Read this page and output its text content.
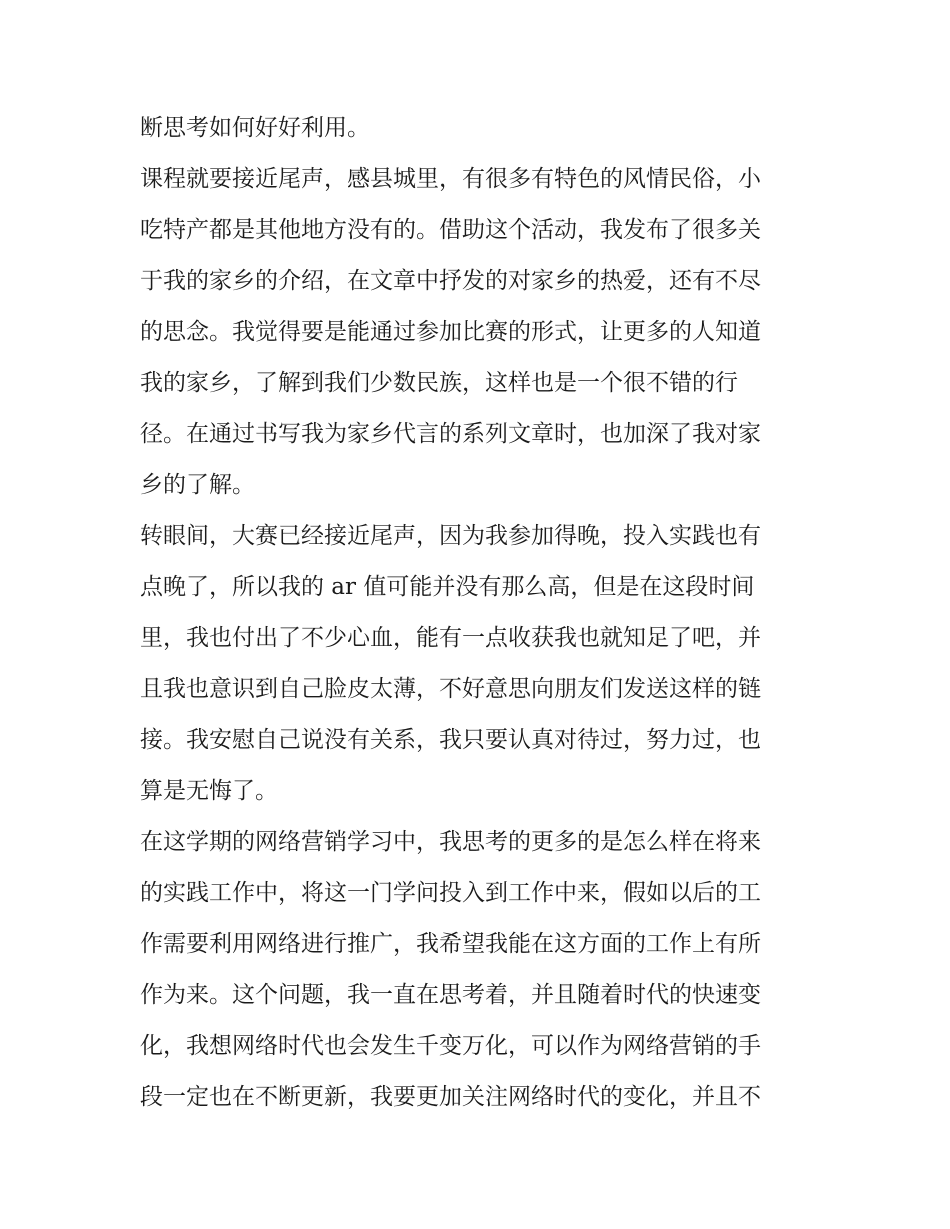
断思考如何好好利用。
课程就要接近尾声，感县城里，有很多有特色的风情民俗，小
吃特产都是其他地方没有的。借助这个活动，我发布了很多关
于我的家乡的介绍，在文章中抒发的对家乡的热爱，还有不尽
的思念。我觉得要是能通过参加比赛的形式，让更多的人知道
我的家乡，了解到我们少数民族，这样也是一个很不错的行
径。在通过书写我为家乡代言的系列文章时，也加深了我对家
乡的了解。
转眼间，大赛已经接近尾声，因为我参加得晚，投入实践也有
点晚了，所以我的 ar 值可能并没有那么高，但是在这段时间
里，我也付出了不少心血，能有一点收获我也就知足了吧，并
且我也意识到自己脸皮太薄，不好意思向朋友们发送这样的链
接。我安慰自己说没有关系，我只要认真对待过，努力过，也
算是无悔了。
在这学期的网络营销学习中，我思考的更多的是怎么样在将来
的实践工作中，将这一门学问投入到工作中来，假如以后的工
作需要利用网络进行推广，我希望我能在这方面的工作上有所
作为来。这个问题，我一直在思考着，并且随着时代的快速变
化，我想网络时代也会发生千变万化，可以作为网络营销的手
段一定也在不断更新，我要更加关注网络时代的变化，并且不
